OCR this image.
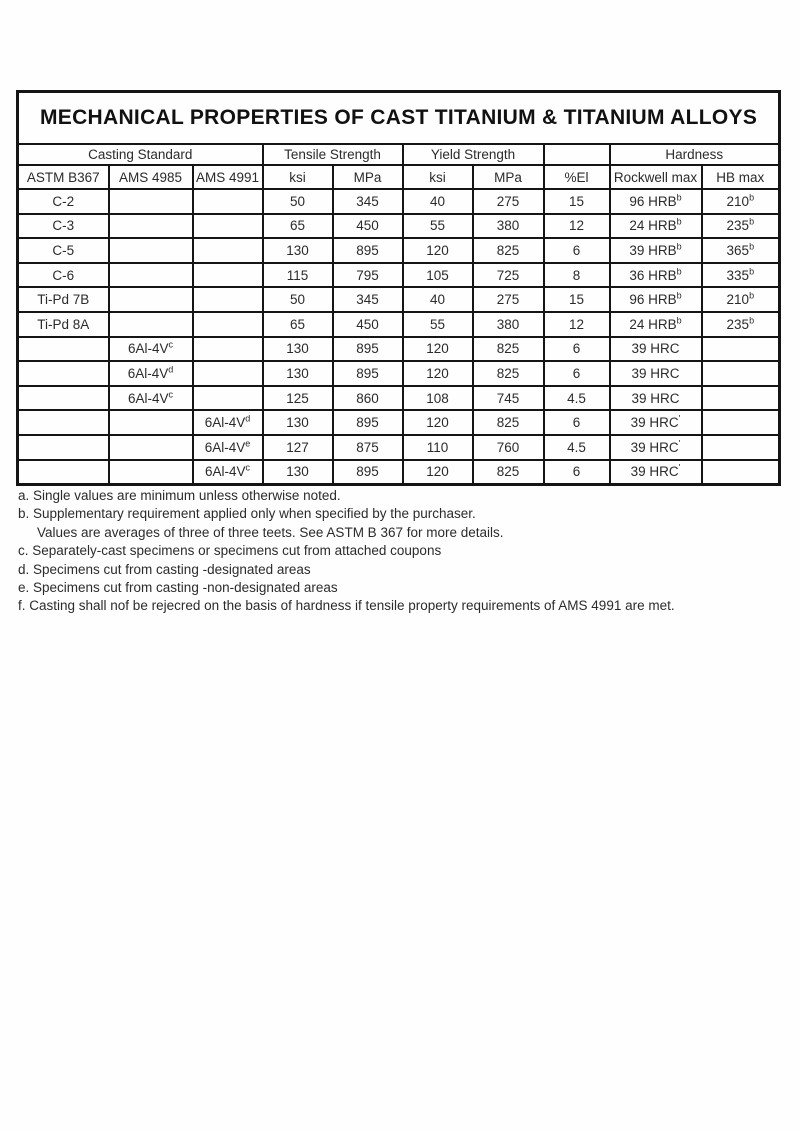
MECHANICAL PROPERTIES OF CAST TITANIUM & TITANIUM ALLOYS									
Casting Standard			Tensile Strength		Yield Strength			Hardness	
ASTM B367	AMS 4985	AMS 4991	ksi	MPa	ksi	MPa	%El	Rockwell max	HB max
C-2			50	345	40	275	15	96 HRB$^b$	210$^b$
C-3			65	450	55	380	12	24 HRB$^b$	235$^b$
C-5			130	895	120	825	6	39 HRB$^b$	365$^b$
C-6			115	795	105	725	8	36 HRB$^b$	335$^b$
Ti-Pd 7B			50	345	40	275	15	96 HRB$^b$	210$^b$
Ti-Pd 8A			65	450	55	380	12	24 HRB$^b$	235$^b$
	$6Al-4V^c$		130	895	120	825	6	39 HRC	
	$6Al-4V^d$		130	895	120	825	6	39 HRC	
	$6Al-4V^c$		125	860	108	745	4.5	39 HRC	
		$6Al-4V^d$	130	895	120	825	6	39 HRC'	
		6Al-4Ve	127	875	110	760	4.5	39 HRC'	
		$6Al-4V^c$	130	895	120	825	6	39 HRC'	
a. Single values are minimum unless otherwise noted.
b. Supplementary requirement applied only when specified by the purchaser.
Values are averages of three of three teets. See ASTM B 367 for more details.
c. Separately-cast specimens or specimens cut from attached coupons
d. Specimens cut from casting -designated areas
e. Specimens cut from casting -non-designated areas
f. Casting shall nof be rejecred on the basis of hardness if tensile property requirements of AMS 4991 are met.
